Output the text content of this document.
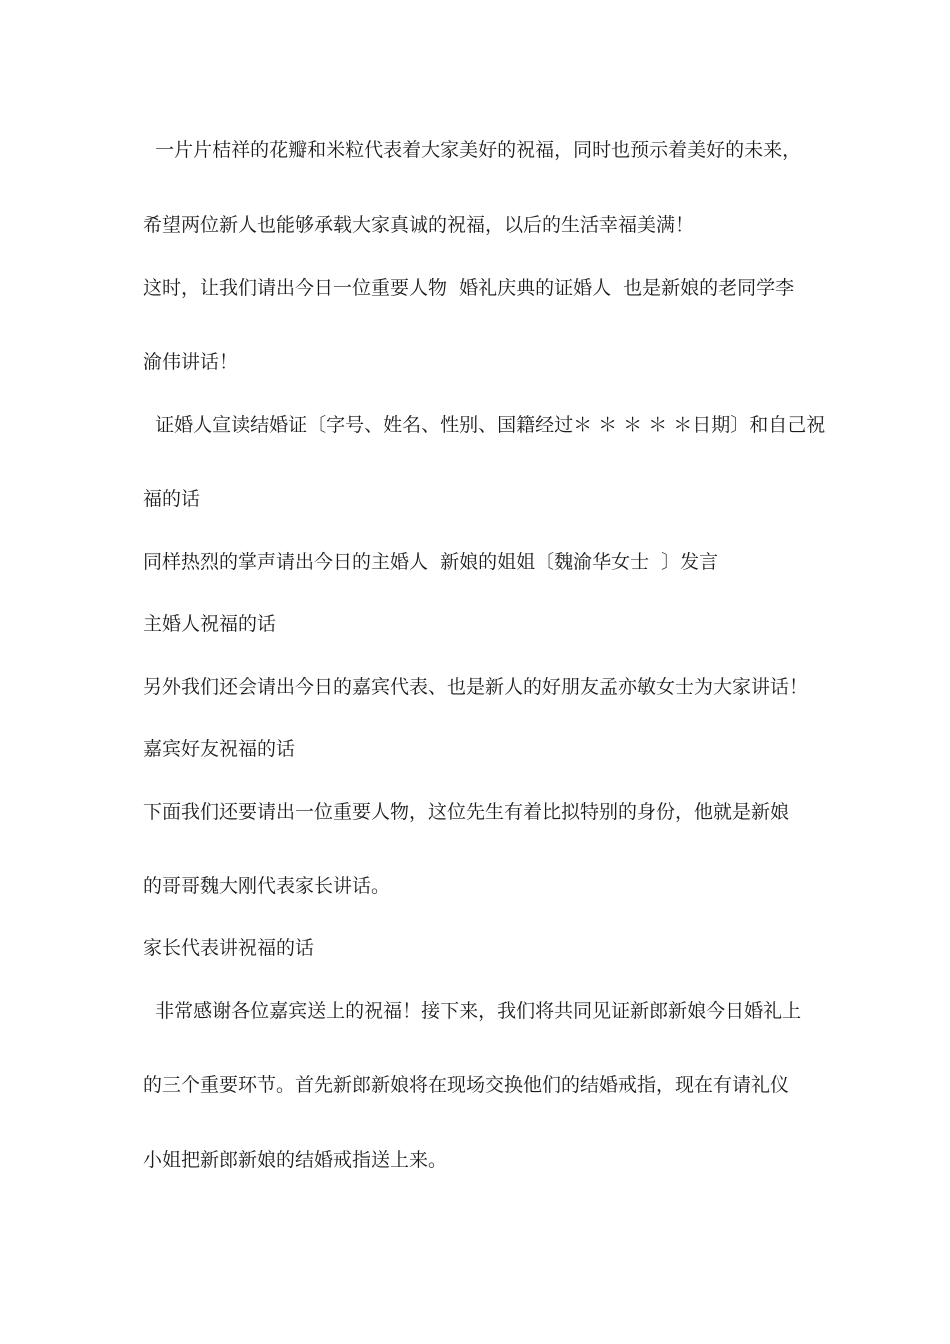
一片片桔祥的花瓣和米粒代表着大家美好的祝福，同时也预示着美好的未来，

希望两位新人也能够承载大家真诚的祝福，以后的生活幸福美满！

这时，让我们请出今日一位重要人物  婚礼庆典的证婚人  也是新娘的老同学李

渝伟讲话！

证婚人宣读结婚证〔字号、姓名、性别、国籍经过＊ ＊ ＊ ＊ ＊日期〕和自己祝

福的话

同样热烈的掌声请出今日的主婚人  新娘的姐姐〔魏渝华女士  〕发言

主婚人祝福的话

另外我们还会请出今日的嘉宾代表、也是新人的好朋友孟亦敏女士为大家讲话！

嘉宾好友祝福的话

下面我们还要请出一位重要人物，这位先生有着比拟特别的身份，他就是新娘

的哥哥魏大刚代表家长讲话。

家长代表讲祝福的话

非常感谢各位嘉宾送上的祝福！接下来，我们将共同见证新郎新娘今日婚礼上

的三个重要环节。首先新郎新娘将在现场交换他们的结婚戒指，现在有请礼仪

小姐把新郎新娘的结婚戒指送上来。
